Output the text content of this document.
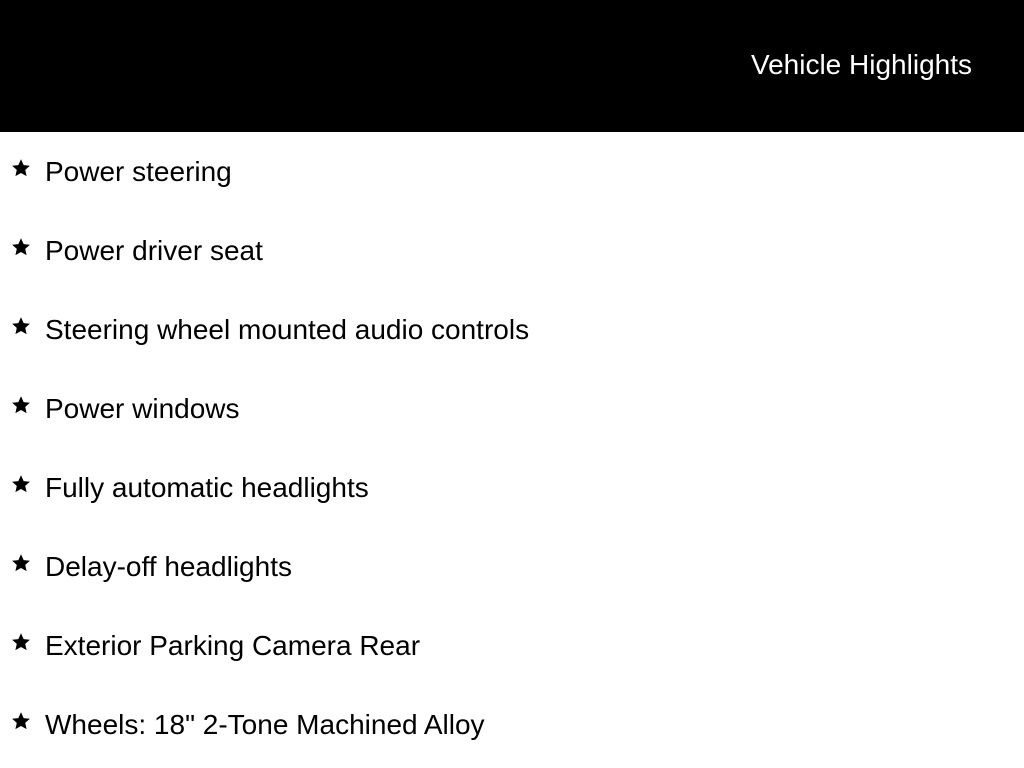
Vehicle Highlights
Power steering
Power driver seat
Steering wheel mounted audio controls
Power windows
Fully automatic headlights
Delay-off headlights
Exterior Parking Camera Rear
Wheels: 18" 2-Tone Machined Alloy
